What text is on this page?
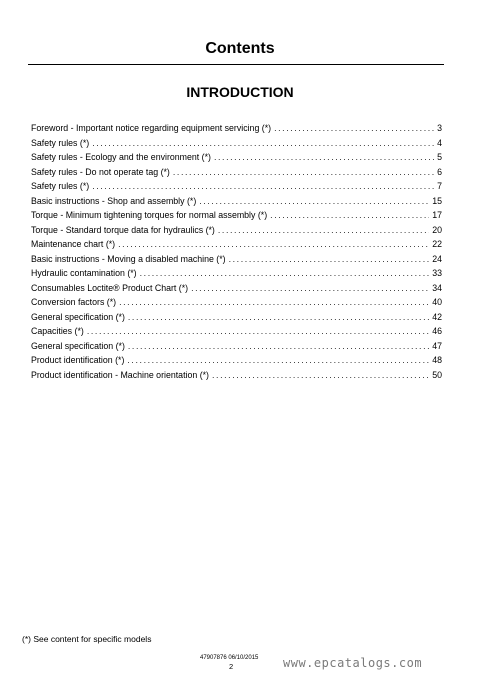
Contents
INTRODUCTION
Foreword - Important notice regarding equipment servicing (*) .....	3
Safety rules (*) .....	4
Safety rules - Ecology and the environment (*) .....	5
Safety rules - Do not operate tag (*) .....	6
Safety rules (*) .....	7
Basic instructions - Shop and assembly (*) .....	15
Torque - Minimum tightening torques for normal assembly (*) .....	17
Torque - Standard torque data for hydraulics (*) .....	20
Maintenance chart (*) .....	22
Basic instructions - Moving a disabled machine (*) .....	24
Hydraulic contamination (*) .....	33
Consumables Loctite® Product Chart (*) .....	34
Conversion factors (*) .....	40
General specification (*) .....	42
Capacities (*) .....	46
General specification (*) .....	47
Product identification (*) .....	48
Product identification - Machine orientation (*) .....	50
(*) See content for specific models
47907876 06/10/2015
2	www.epcatalogs.com
